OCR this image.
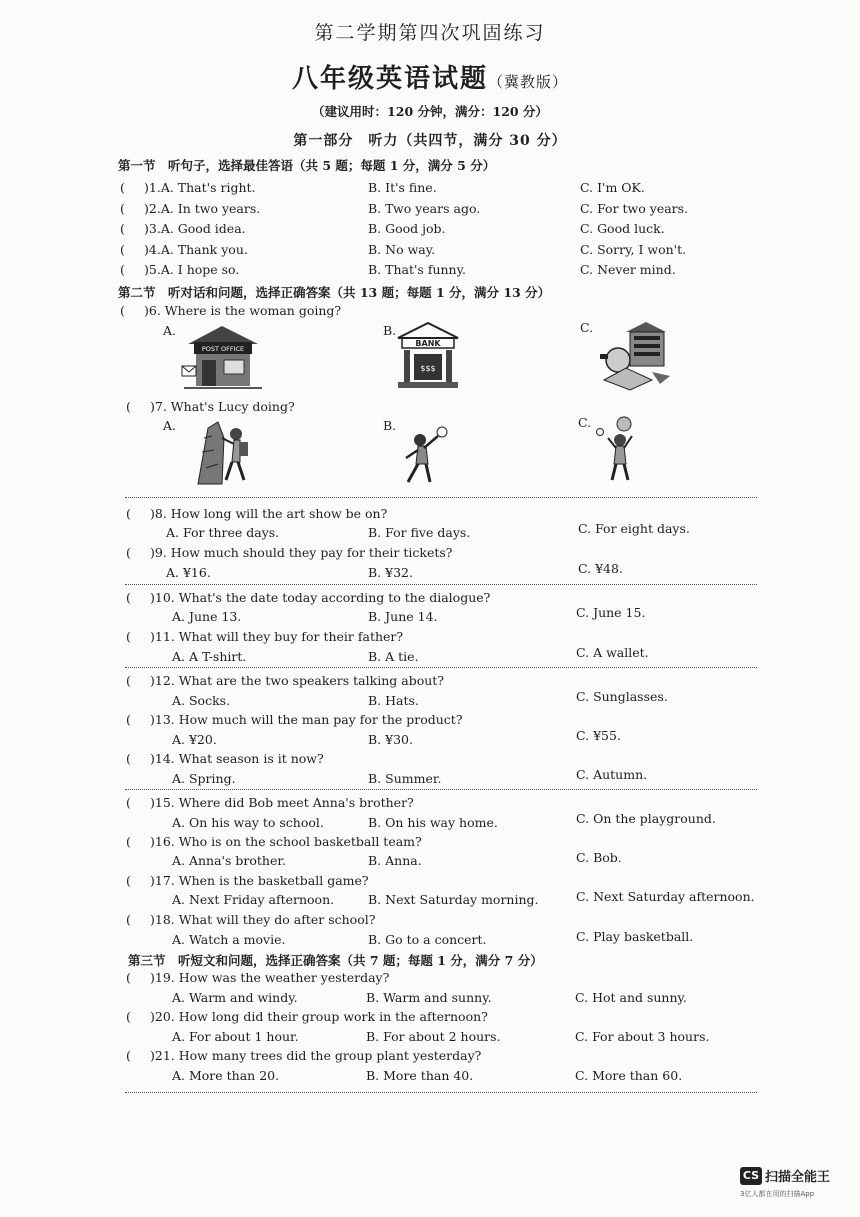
第二学期第四次巩固练习
八年级英语试题（冀教版）
（建议用时：120 分钟，满分：120 分）
第一部分　听力（共四节，满分 30 分）
第一节　听句子，选择最佳答语（共 5 题；每题 1 分，满分 5 分）
( )1.A. That's right.	B. It's fine.	C. I'm OK.
( )2.A. In two years.	B. Two years ago.	C. For two years.
( )3.A. Good idea.	B. Good job.	C. Good luck.
( )4.A. Thank you.	B. No way.	C. Sorry, I won't.
( )5.A. I hope so.	B. That's funny.	C. Never mind.
第二节　听对话和问题，选择正确答案（共 13 题；每题 1 分，满分 13 分）
( )6. Where is the woman going?
A.	B.	C.
POST OFFICE
BANK
$$$
( )7. What's Lucy doing?
A.	B.	C.
( )8. How long will the art show be on?
A. For three days.	B. For five days.	C. For eight days.
( )9. How much should they pay for their tickets?
A. ¥16.	B. ¥32.	C. ¥48.
( )10. What's the date today according to the dialogue?
A. June 13.	B. June 14.	C. June 15.
( )11. What will they buy for their father?
A. A T-shirt.	B. A tie.	C. A wallet.
( )12. What are the two speakers talking about?
A. Socks.	B. Hats.	C. Sunglasses.
( )13. How much will the man pay for the product?
A. ¥20.	B. ¥30.	C. ¥55.
( )14. What season is it now?
A. Spring.	B. Summer.	C. Autumn.
( )15. Where did Bob meet Anna's brother?
A. On his way to school.	B. On his way home.	C. On the playground.
( )16. Who is on the school basketball team?
A. Anna's brother.	B. Anna.	C. Bob.
( )17. When is the basketball game?
A. Next Friday afternoon.	B. Next Saturday morning.	C. Next Saturday afternoon.
( )18. What will they do after school?
A. Watch a movie.	B. Go to a concert.	C. Play basketball.
第三节　听短文和问题，选择正确答案（共 7 题；每题 1 分，满分 7 分）
( )19. How was the weather yesterday?
A. Warm and windy.	B. Warm and sunny.	C. Hot and sunny.
( )20. How long did their group work in the afternoon?
A. For about 1 hour.	B. For about 2 hours.	C. For about 3 hours.
( )21. How many trees did the group plant yesterday?
A. More than 20.	B. More than 40.	C. More than 60.
CS 扫描全能王
3亿人都在用的扫描App
